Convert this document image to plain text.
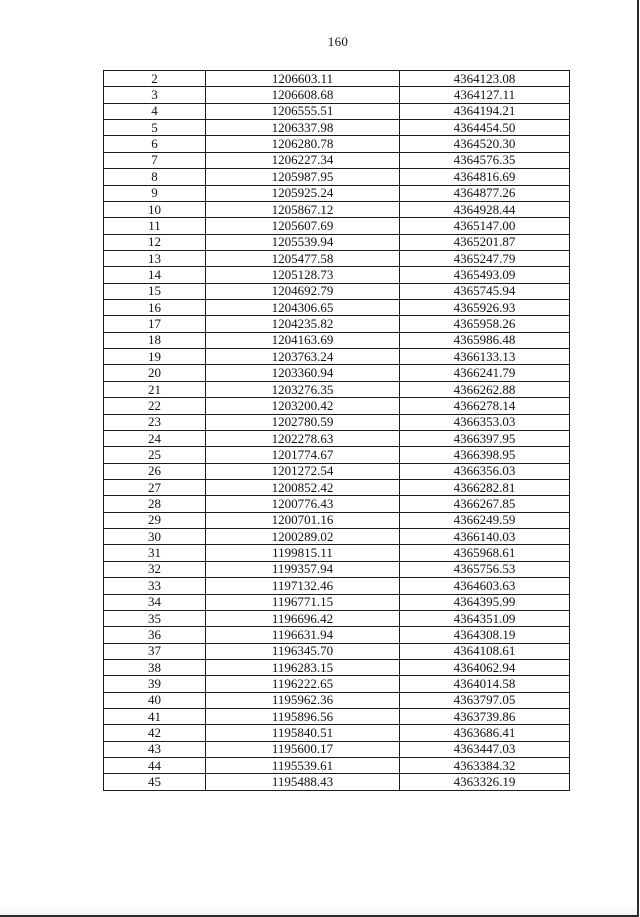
160
2	1206603.11	4364123.08
3	1206608.68	4364127.11
4	1206555.51	4364194.21
5	1206337.98	4364454.50
6	1206280.78	4364520.30
7	1206227.34	4364576.35
8	1205987.95	4364816.69
9	1205925.24	4364877.26
10	1205867.12	4364928.44
11	1205607.69	4365147.00
12	1205539.94	4365201.87
13	1205477.58	4365247.79
14	1205128.73	4365493.09
15	1204692.79	4365745.94
16	1204306.65	4365926.93
17	1204235.82	4365958.26
18	1204163.69	4365986.48
19	1203763.24	4366133.13
20	1203360.94	4366241.79
21	1203276.35	4366262.88
22	1203200.42	4366278.14
23	1202780.59	4366353.03
24	1202278.63	4366397.95
25	1201774.67	4366398.95
26	1201272.54	4366356.03
27	1200852.42	4366282.81
28	1200776.43	4366267.85
29	1200701.16	4366249.59
30	1200289.02	4366140.03
31	1199815.11	4365968.61
32	1199357.94	4365756.53
33	1197132.46	4364603.63
34	1196771.15	4364395.99
35	1196696.42	4364351.09
36	1196631.94	4364308.19
37	1196345.70	4364108.61
38	1196283.15	4364062.94
39	1196222.65	4364014.58
40	1195962.36	4363797.05
41	1195896.56	4363739.86
42	1195840.51	4363686.41
43	1195600.17	4363447.03
44	1195539.61	4363384.32
45	1195488.43	4363326.19
